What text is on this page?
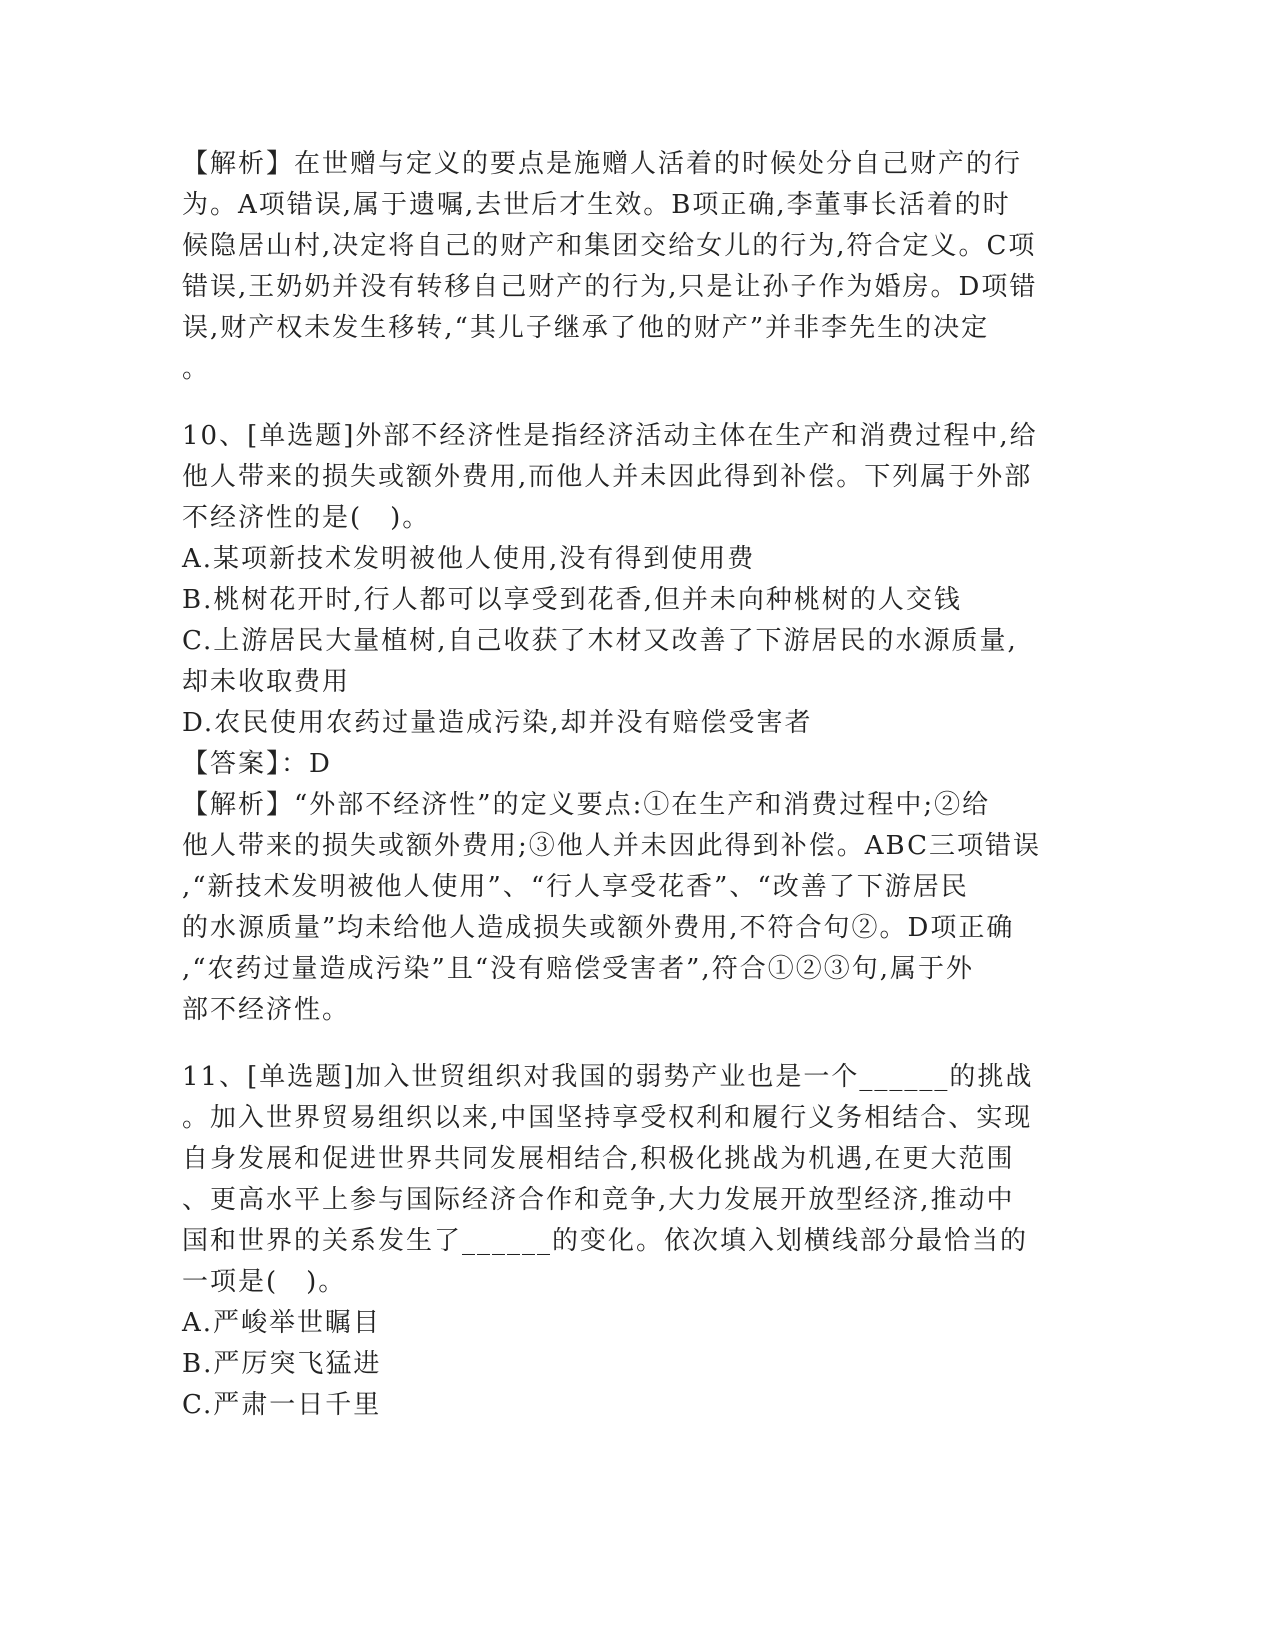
【解析】在世赠与定义的要点是施赠人活着的时候处分自己财产的行
为。A项错误,属于遗嘱,去世后才生效。B项正确,李董事长活着的时
候隐居山村,决定将自己的财产和集团交给女儿的行为,符合定义。C项
错误,王奶奶并没有转移自己财产的行为,只是让孙子作为婚房。D项错
误,财产权未发生移转,“其儿子继承了他的财产”并非李先生的决定
。
10、[单选题]外部不经济性是指经济活动主体在生产和消费过程中,给
他人带来的损失或额外费用,而他人并未因此得到补偿。下列属于外部
不经济性的是(　)。
A.某项新技术发明被他人使用,没有得到使用费
B.桃树花开时,行人都可以享受到花香,但并未向种桃树的人交钱
C.上游居民大量植树,自己收获了木材又改善了下游居民的水源质量,
却未收取费用
D.农民使用农药过量造成污染,却并没有赔偿受害者
【答案】：D
【解析】“外部不经济性”的定义要点:①在生产和消费过程中;②给
他人带来的损失或额外费用;③他人并未因此得到补偿。ABC三项错误
,“新技术发明被他人使用”、“行人享受花香”、“改善了下游居民
的水源质量”均未给他人造成损失或额外费用,不符合句②。D项正确
,“农药过量造成污染”且“没有赔偿受害者”,符合①②③句,属于外
部不经济性。
11、[单选题]加入世贸组织对我国的弱势产业也是一个______的挑战
。加入世界贸易组织以来,中国坚持享受权利和履行义务相结合、实现
自身发展和促进世界共同发展相结合,积极化挑战为机遇,在更大范围
、更高水平上参与国际经济合作和竞争,大力发展开放型经济,推动中
国和世界的关系发生了______的变化。依次填入划横线部分最恰当的
一项是(　)。
A.严峻举世瞩目
B.严厉突飞猛进
C.严肃一日千里
